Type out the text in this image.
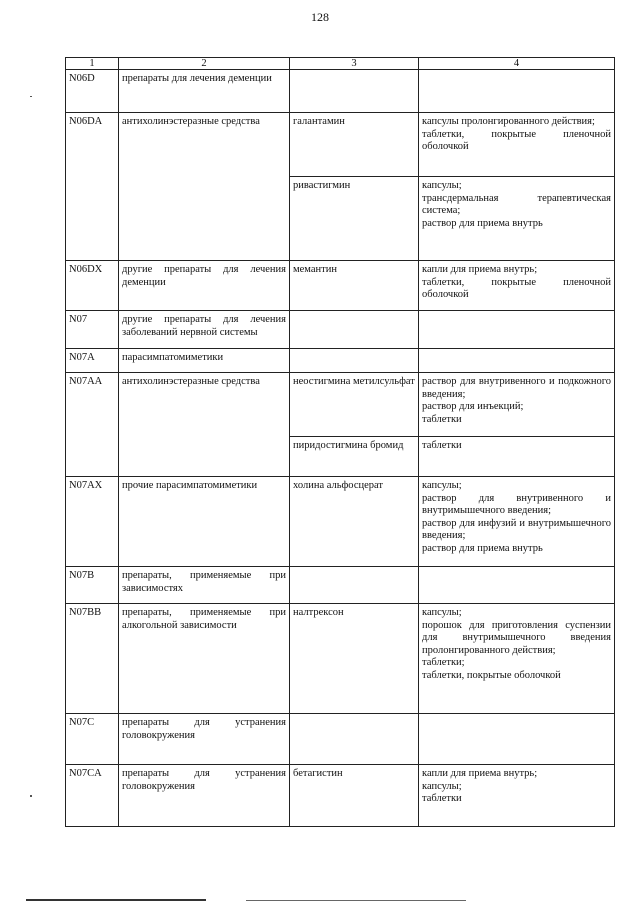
128
1	2	3	4
N06D	препараты для лечения деменции		
N06DA	антихолинэстеразные средства	галантамин	капсулы пролонгированного действия;
таблетки, покрытые пленочной оболочкой

		ривастигмин	капсулы;
трансдермальная терапевтическая система;
раствор для приема внутрь

N06DX	другие препараты для лечения деменции	мемантин	капли для приема внутрь;
таблетки, покрытые пленочной оболочкой

N07	другие препараты для лечения заболеваний нервной системы		
N07A	парасимпатомиметики		
N07AA	антихолинэстеразные средства	неостигмина метилсульфат	раствор для внутривенного и подкожного введения;
раствор для инъекций;
таблетки

		пиридостигмина бромид	таблетки

N07AX	прочие парасимпатомиметики	холина альфосцерат	капсулы;
раствор для внутривенного и внутримышечного введения;
раствор для инфузий и внутримышечного введения;
раствор для приема внутрь

N07B	препараты, применяемые при зависимостях		
N07BB	препараты, применяемые при алкогольной зависимости	налтрексон	капсулы;
порошок для приготовления суспензии для внутримышечного введения пролонгированного действия;
таблетки;
таблетки, покрытые оболочкой

N07C	препараты для устранения головокружения		
N07CA	препараты для устранения головокружения	бетагистин	капли для приема внутрь;
капсулы;
таблетки
